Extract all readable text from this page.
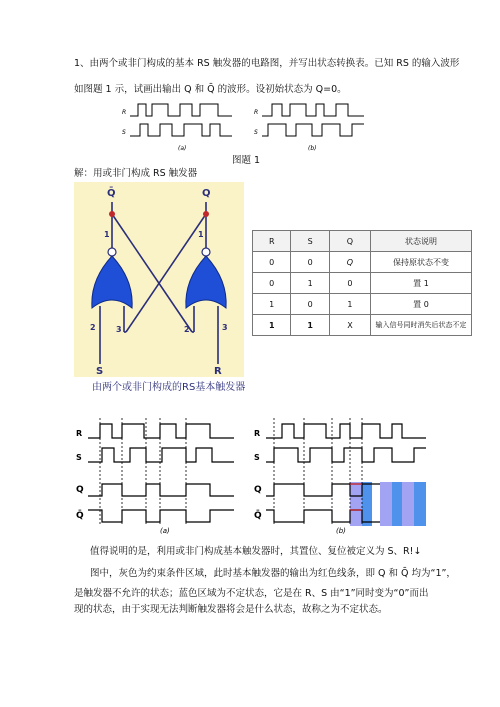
1、由两个或非门构成的基本 RS 触发器的电路图，并写出状态转换表。已知 RS 的输入波形
如图题 1 示，试画出输出 Q 和 Q̄ 的波形。设初始状态为 Q=0。
R
S
(a)
R
S
(b)
图题 1
解：用或非门构成 RS 触发器
Q̄	Q
1	1
2	3	2	3
S	R
由两个或非门构成的RS基本触发器
R	S	Q	状态说明
0	0	Q	保持原状态不变
0	1	0	置 1
1	0	1	置 0
1	1	X	输入信号同时消失后状态不定
R
S
Q
Q̄
(a)
R
S
Q
Q̄
(b)
值得说明的是，利用或非门构成基本触发器时，其置位、复位被定义为 S、R!↓
图中，灰色为约束条件区域，此时基本触发器的输出为红色线条，即 Q 和 Q̄ 均为“1”，
是触发器不允许的状态；蓝色区域为不定状态，它是在 R、S 由“1”同时变为“0”而出
现的状态，由于实现无法判断触发器将会是什么状态，故称之为不定状态。
